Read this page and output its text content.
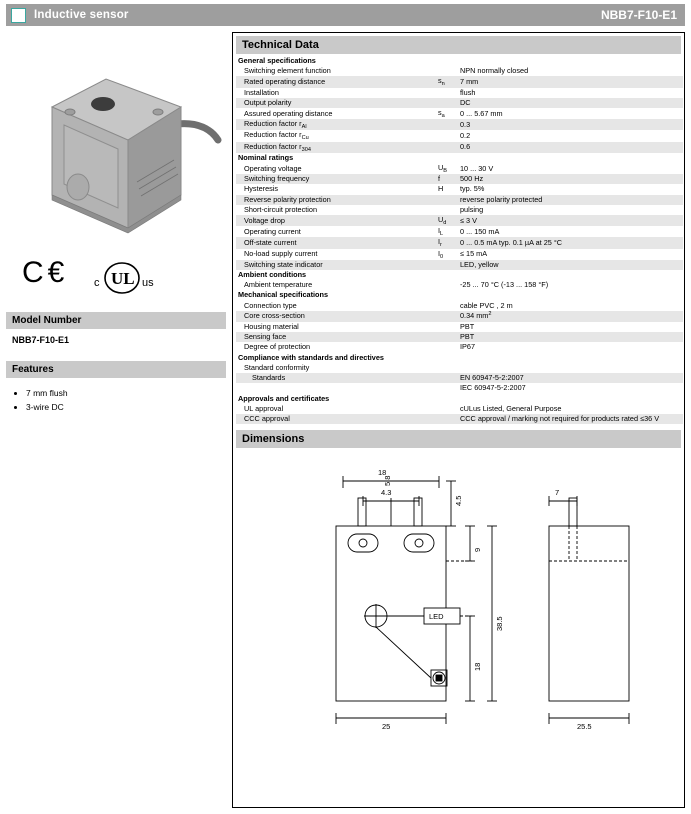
Inductive sensor	NBB7-F10-E1
C€ c UL us
Model Number
NBB7-F10-E1
Features
• 7 mm flush
• 3-wire DC
Technical Data
General specifications		
Switching element function		NPN normally closed
Rated operating distance	$s_n$	7 mm
Installation		flush
Output polarity		DC
Assured operating distance	$s_a$	0 ... 5.67 mm
Reduction factor $r_{Al}$		0.3
Reduction factor $r_{Cu}$		0.2
Reduction factor $r_{304}$		0.6
Nominal ratings		
Operating voltage	$U_B$	10 ... 30 V
Switching frequency	f	500 Hz
Hysteresis	H	typ. 5%
Reverse polarity protection		reverse polarity protected
Short-circuit protection		pulsing
Voltage drop	$U_d$	≤ 3 V
Operating current	$I_L$	0 ... 150 mA
Off-state current	$I_r$	0 ... 0.5 mA typ. 0.1 µA at 25 °C
No-load supply current	$I_0$	≤ 15 mA
Switching state indicator		LED, yellow
Ambient conditions		
Ambient temperature		-25 ... 70 °C (-13 ... 158 °F)
Mechanical specifications		
Connection type		cable PVC , 2 m
Core cross-section		0.34 $mm^2$
Housing material		PBT
Sensing face		PBT
Degree of protection		IP67
Compliance with standards and directives		
Standard conformity		
Standards		EN 60947-5-2:2007
		IEC 60947-5-2:2007
Approvals and certificates		
UL approval		cULus Listed, General Purpose
CCC approval		CCC approval / marking not required for products rated ≤36 V
Dimensions
18
4.3
5.8
4.5
9
38.5
18
25
LED
7
25.5
